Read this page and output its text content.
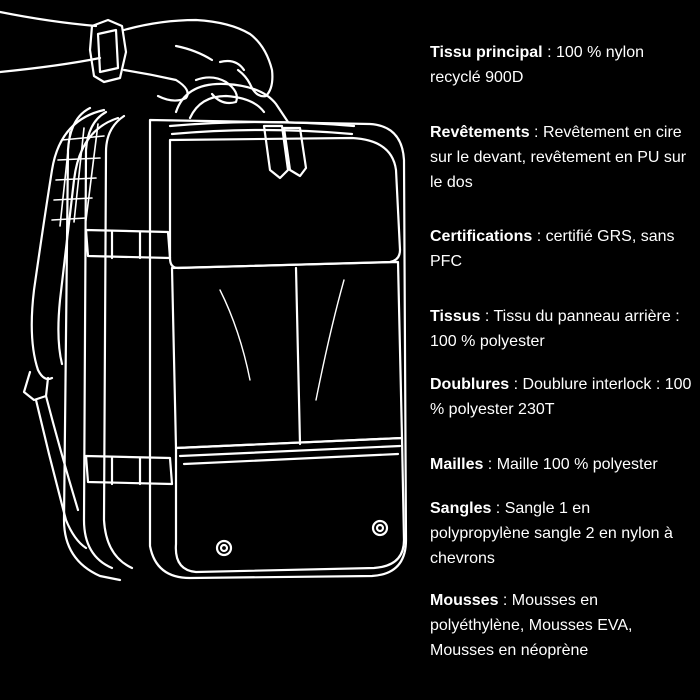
Tissu principal : 100 % nylon recyclé 900D
Revêtements : Revêtement en cire sur le devant, revêtement en PU sur le dos
Certifications : certifié GRS, sans PFC
Tissus : Tissu du panneau arrière : 100 % polyester
Doublures : Doublure interlock : 100 % polyester 230T
Mailles : Maille 100 % polyester
Sangles : Sangle 1 en polypropylène sangle 2 en nylon à chevrons
Mousses : Mousses en polyéthylène, Mousses EVA, Mousses en néoprène
